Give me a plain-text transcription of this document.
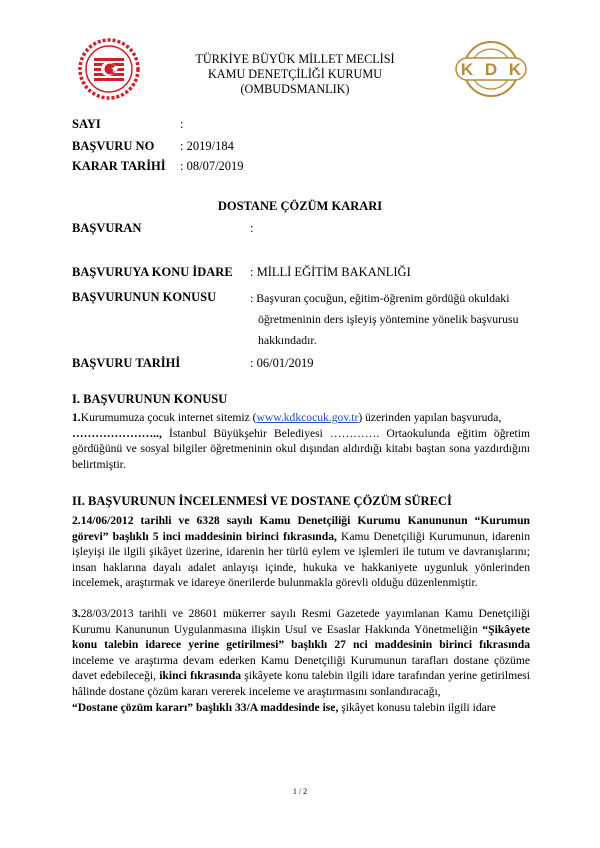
TÜRKİYE BÜYÜK MİLLET MECLİSİ
KAMU DENETÇİLİĞİ KURUMU
(OMBUDSMANLIK)
K D K
SAYI	:
BAŞVURU NO : 2019/184
KARAR TARİHİ : 08/07/2019
DOSTANE ÇÖZÜM KARARI
BAŞVURAN	:
BAŞVURUYA KONU İDARE : MİLLİ EĞİTİM BAKANLIĞI
BAŞVURUNUN KONUSU	: Başvuran çocuğun, eğitim-öğrenim gördüğü okuldaki
öğretmeninin ders işleyiş yöntemine yönelik başvurusu
hakkındadır.
BAŞVURU TARİHİ	: 06/01/2019
I. BAŞVURUNUN KONUSU
1.Kurumumuza çocuk internet sitemiz (www.kdkcocuk.gov.tr) üzerinden yapılan başvuruda,
………………….., İstanbul Büyükşehir Belediyesi …………. Ortaokulunda eğitim öğretim gördüğünü ve sosyal bilgiler öğretmeninin okul dışından aldırdığı kitabı baştan sona yazdırdığını belirtmiştir.
II. BAŞVURUNUN İNCELENMESİ VE DOSTANE ÇÖZÜM SÜRECİ
2.14/06/2012 tarihli ve 6328 sayılı Kamu Denetçiliği Kurumu Kanununun “Kurumun görevi” başlıklı 5 inci maddesinin birinci fıkrasında, Kamu Denetçiliği Kurumunun, idarenin işleyişi ile ilgili şikâyet üzerine, idarenin her türlü eylem ve işlemleri ile tutum ve davranışlarını; insan haklarına dayalı adalet anlayışı içinde, hukuka ve hakkaniyete uygunluk yönlerinden incelemek, araştırmak ve idareye önerilerde bulunmakla görevli olduğu düzenlenmiştir.
3.28/03/2013 tarihli ve 28601 mükerrer sayılı Resmi Gazetede yayımlanan Kamu Denetçiliği Kurumu Kanununun Uygulanmasına ilişkin Usul ve Esaslar Hakkında Yönetmeliğin “Şikâyete konu talebin idarece yerine getirilmesi” başlıklı 27 nci maddesinin birinci fıkrasında inceleme ve araştırma devam ederken Kamu Denetçiliği Kurumunun tarafları dostane çözüme davet edebileceği, ikinci fıkrasında şikâyete konu talebin ilgili idare tarafından yerine getirilmesi hâlinde dostane çözüm kararı vererek inceleme ve araştırmasını sonlandıracağı,
“Dostane çözüm kararı” başlıklı 33/A maddesinde ise, şikâyet konusu talebin ilgili idare
1 / 2
